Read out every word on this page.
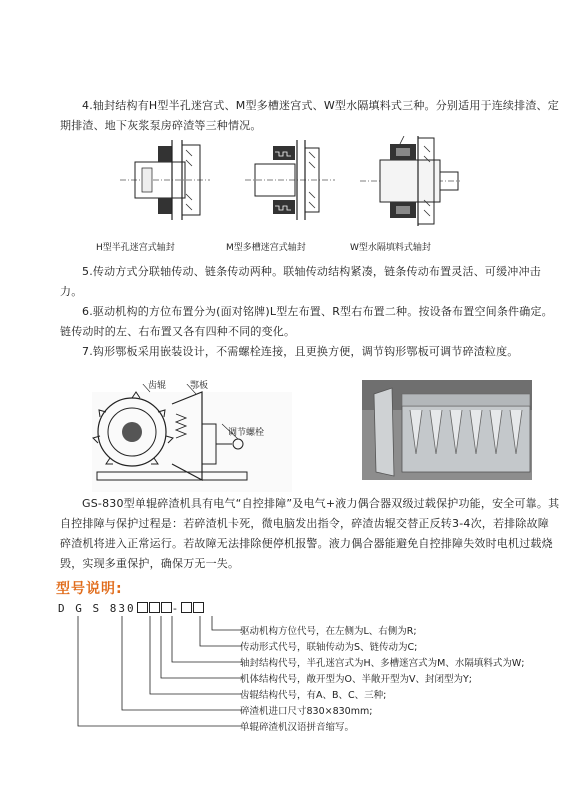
4.轴封结构有H型半孔迷宫式、M型多槽迷宫式、W型水隔填料式三种。分别适用于连续排渣、定期排渣、地下灰浆泵房碎渣等三种情况。
H型半孔迷宫式轴封	M型多槽迷宫式轴封	W型水隔填料式轴封
5.传动方式分联轴传动、链条传动两种。联轴传动结构紧凑，链条传动布置灵活、可缓冲冲击力。
6.驱动机构的方位布置分为(面对铭牌)L型左布置、R型右布置二种。按设备布置空间条件确定。链传动时的左、右布置又各有四种不同的变化。
7.钩形鄂板采用嵌装设计，不需螺栓连接，且更换方便，调节钩形鄂板可调节碎渣粒度。
齿辊	鄂板
调节螺栓
GS-830型单辊碎渣机具有电气“自控排障”及电气+液力偶合器双级过载保护功能，安全可靠。其自控排障与保护过程是：若碎渣机卡死，微电脑发出指令，碎渣齿辊交替正反转3-4次，若排除故障碎渣机将进入正常运行。若故障无法排除便停机报警。液力偶合器能避免自控排障失效时电机过载烧毁，实现多重保护，确保万无一失。
型号说明:
D G S 830	-
驱动机构方位代号，在左侧为L、右侧为R;
传动形式代号，联轴传动为S、链传动为C;
轴封结构代号，半孔迷宫式为H、多槽迷宫式为M、水隔填料式为W;
机体结构代号，敞开型为O、半敞开型为V、封闭型为Y;
齿辊结构代号，有A、B、C、三种;
碎渣机进口尺寸830×830mm;
单辊碎渣机汉语拼音缩写。
